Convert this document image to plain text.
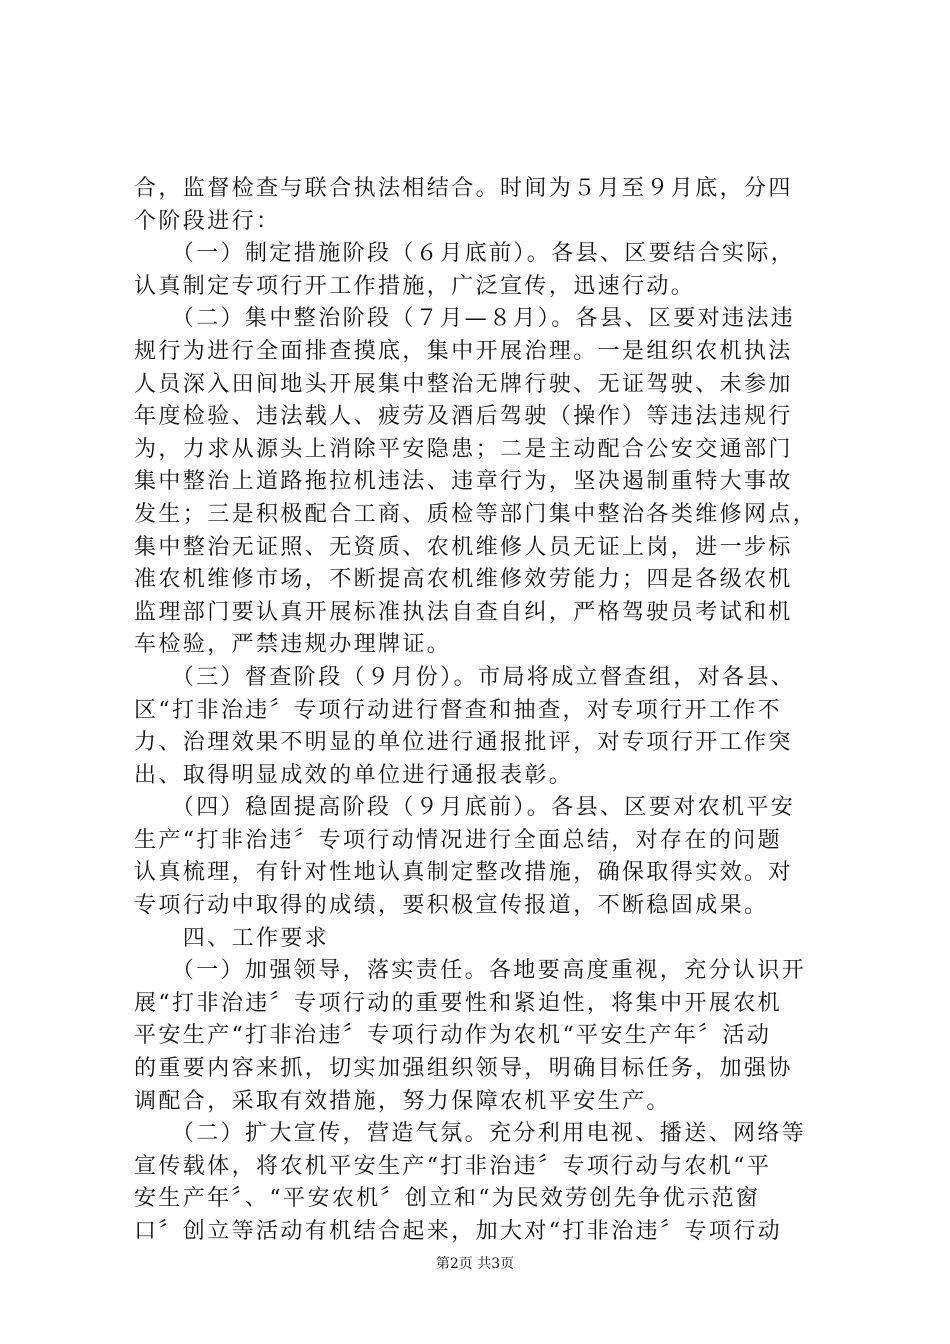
合，监督检查与联合执法相结合。时间为５月至９月底，分四
个阶段进行：
　　（一）制定措施阶段（６月底前）。各县、区要结合实际，
认真制定专项行开工作措施，广泛宣传，迅速行动。
　　（二）集中整治阶段（７月—８月）。各县、区要对违法违
规行为进行全面排查摸底，集中开展治理。一是组织农机执法
人员深入田间地头开展集中整治无牌行驶、无证驾驶、未参加
年度检验、违法载人、疲劳及酒后驾驶（操作）等违法违规行
为，力求从源头上消除平安隐患；二是主动配合公安交通部门
集中整治上道路拖拉机违法、违章行为，坚决遏制重特大事故
发生；三是积极配合工商、质检等部门集中整治各类维修网点，
集中整治无证照、无资质、农机维修人员无证上岗，进一步标
准农机维修市场，不断提高农机维修效劳能力；四是各级农机
监理部门要认真开展标准执法自查自纠，严格驾驶员考试和机
车检验，严禁违规办理牌证。
　　（三）督查阶段（９月份）。市局将成立督查组，对各县、
区“打非治违〞专项行动进行督查和抽查，对专项行开工作不
力、治理效果不明显的单位进行通报批评，对专项行开工作突
出、取得明显成效的单位进行通报表彰。
　　（四）稳固提高阶段（９月底前）。各县、区要对农机平安
生产“打非治违〞专项行动情况进行全面总结，对存在的问题
认真梳理，有针对性地认真制定整改措施，确保取得实效。对
专项行动中取得的成绩，要积极宣传报道，不断稳固成果。
　　四、工作要求
　　（一）加强领导，落实责任。各地要高度重视，充分认识开
展“打非治违〞专项行动的重要性和紧迫性，将集中开展农机
平安生产“打非治违〞专项行动作为农机“平安生产年〞活动
的重要内容来抓，切实加强组织领导，明确目标任务，加强协
调配合，采取有效措施，努力保障农机平安生产。
　　（二）扩大宣传，营造气氛。充分利用电视、播送、网络等
宣传载体，将农机平安生产“打非治违〞专项行动与农机“平
安生产年〞、“平安农机〞创立和“为民效劳创先争优示范窗
口〞创立等活动有机结合起来，加大对“打非治违〞专项行动
第2页 共3页
